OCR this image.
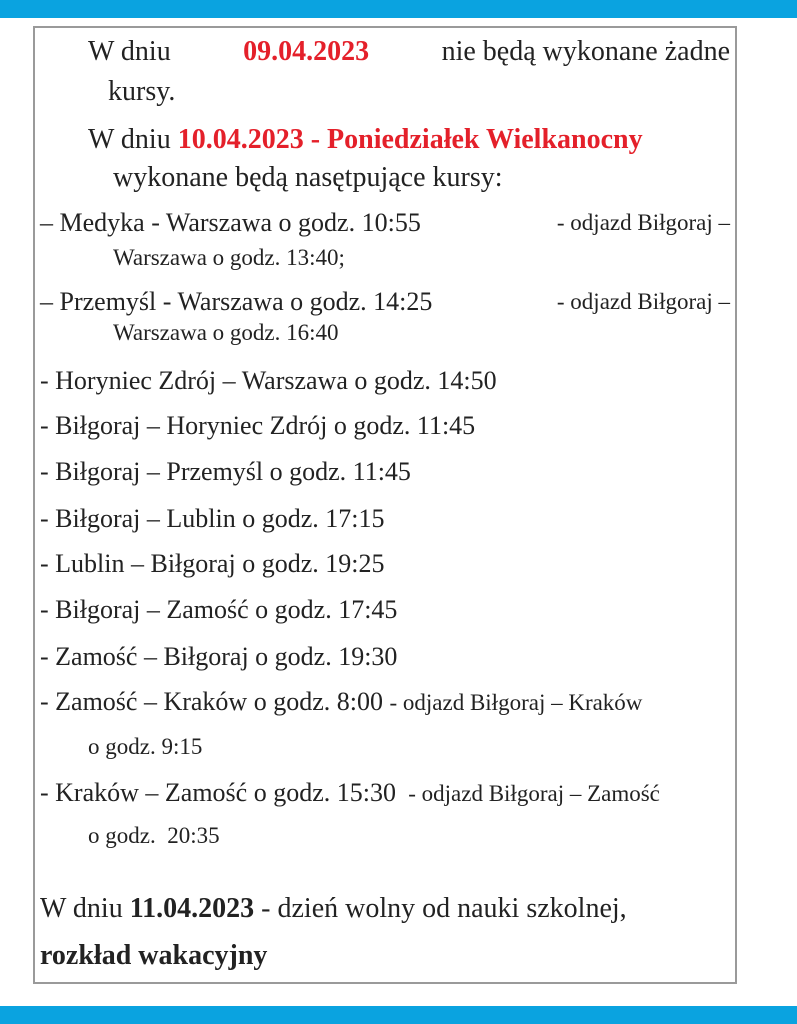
W dniu	09.04.2023	nie będą wykonane żadne
kursy.
W dniu 10.04.2023 - Poniedziałek Wielkanocny
wykonane będą nasętpujące kursy:
– Medyka - Warszawa o godz. 10:55	- odjazd Biłgoraj –
Warszawa o godz. 13:40;
– Przemyśl - Warszawa o godz. 14:25	- odjazd Biłgoraj –
Warszawa o godz. 16:40
- Horyniec Zdrój – Warszawa o godz. 14:50
- Biłgoraj – Horyniec Zdrój o godz. 11:45
- Biłgoraj – Przemyśl o godz. 11:45
- Biłgoraj – Lublin o godz. 17:15
- Lublin – Biłgoraj o godz. 19:25
- Biłgoraj – Zamość o godz. 17:45
- Zamość – Biłgoraj o godz. 19:30
- Zamość – Kraków o godz. 8:00 - odjazd Biłgoraj – Kraków
o godz. 9:15
- Kraków – Zamość o godz. 15:30  - odjazd Biłgoraj – Zamość
o godz.  20:35
W dniu 11.04.2023 - dzień wolny od nauki szkolnej,
rozkład wakacyjny
